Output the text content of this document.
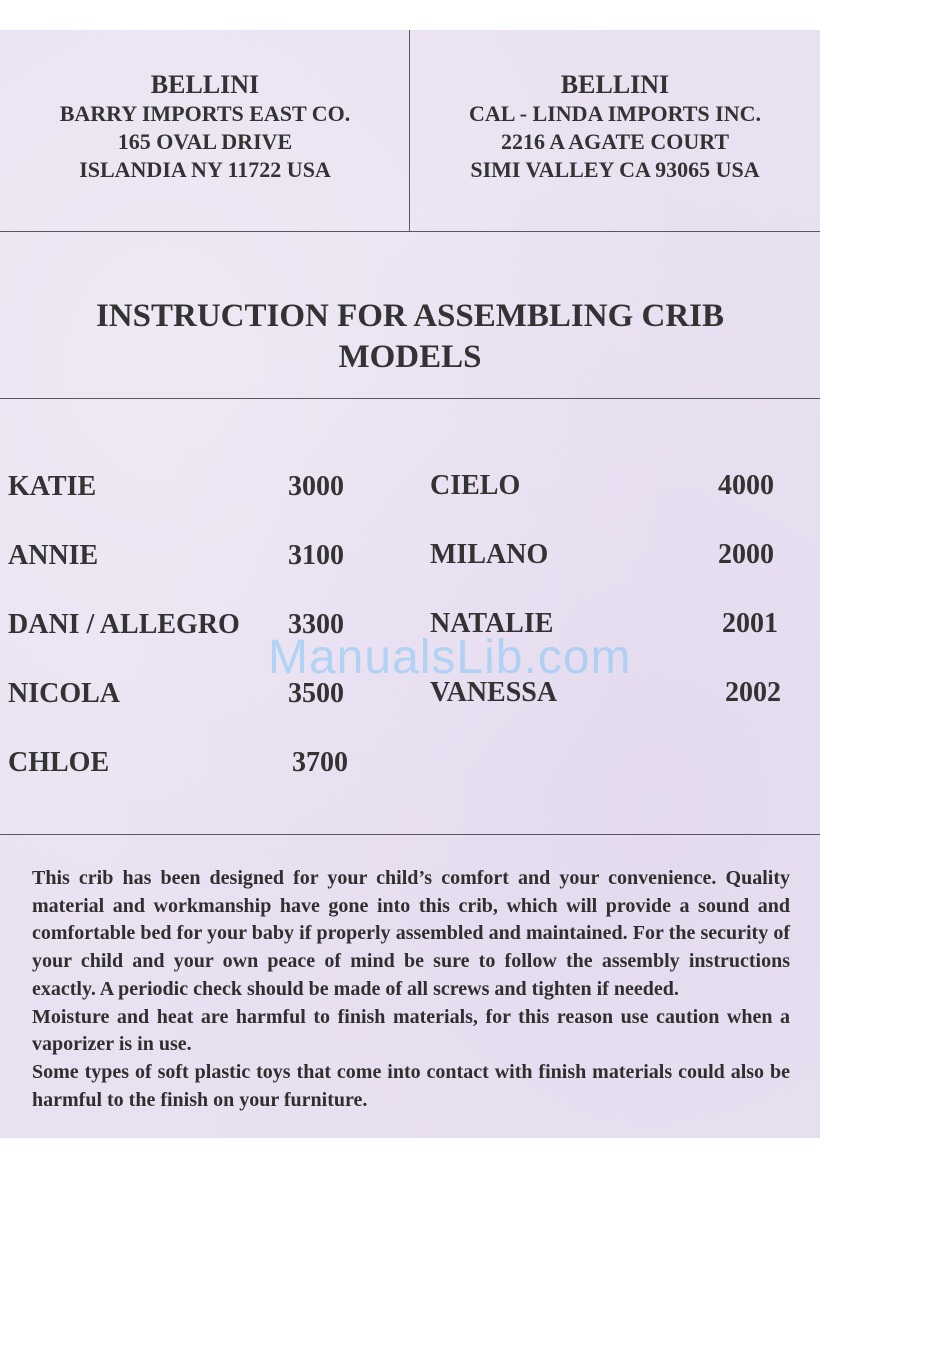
BELLINI
BARRY IMPORTS EAST CO.
165 OVAL DRIVE
ISLANDIA NY 11722 USA
BELLINI
CAL - LINDA IMPORTS INC.
2216 A AGATE COURT
SIMI VALLEY CA 93065 USA
INSTRUCTION FOR ASSEMBLING CRIB
MODELS
KATIE	3000
ANNIE	3100
DANI / ALLEGRO 3300
NICOLA	3500
CHLOE	3700
CIELO	4000
MILANO	2000
NATALIE	2001
VANESSA	2002

This crib has been designed for your child’s comfort and your convenience. Quality material and workmanship have gone into this crib, which will provide a sound and comfortable bed for your baby if properly assembled and maintained. For the security of your child and your own peace of mind be sure to follow the assembly instructions exactly. A periodic check should be made of all screws and tighten if needed.

Moisture and heat are harmful to finish materials, for this reason use caution when a vaporizer is in use.

Some types of soft plastic toys that come into contact with finish materials could also be harmful to the finish on your furniture.

ManualsLib.com
